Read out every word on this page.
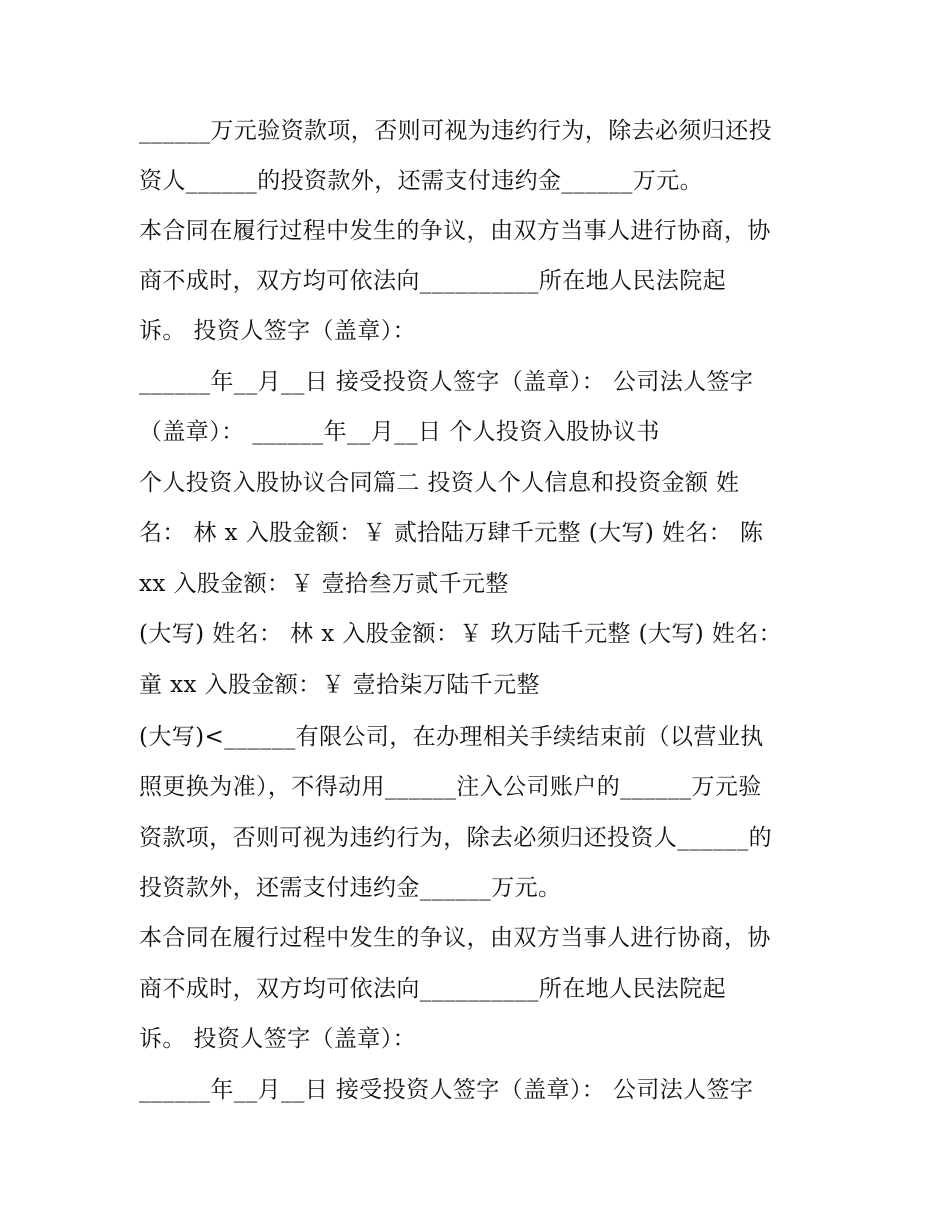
______万元验资款项，否则可视为违约行为，除去必须归还投
资人______的投资款外，还需支付违约金______万元。
本合同在履行过程中发生的争议，由双方当事人进行协商，协
商不成时，双方均可依法向__________所在地人民法院起
诉。 投资人签字（盖章）：
______年__月__日 接受投资人签字（盖章）： 公司法人签字
（盖章）： ______年__月__日 个人投资入股协议书
个人投资入股协议合同篇二 投资人个人信息和投资金额 姓
名： 林 x 入股金额：￥ 贰拾陆万肆千元整 (大写) 姓名： 陈
xx 入股金额：￥ 壹拾叁万贰千元整
(大写) 姓名： 林 x 入股金额：￥ 玖万陆千元整 (大写) 姓名：
童 xx 入股金额：￥ 壹拾柒万陆千元整
(大写)<______有限公司，在办理相关手续结束前（以营业执
照更换为准），不得动用______注入公司账户的______万元验
资款项，否则可视为违约行为，除去必须归还投资人______的
投资款外，还需支付违约金______万元。
本合同在履行过程中发生的争议，由双方当事人进行协商，协
商不成时，双方均可依法向__________所在地人民法院起
诉。 投资人签字（盖章）：
______年__月__日 接受投资人签字（盖章）： 公司法人签字
